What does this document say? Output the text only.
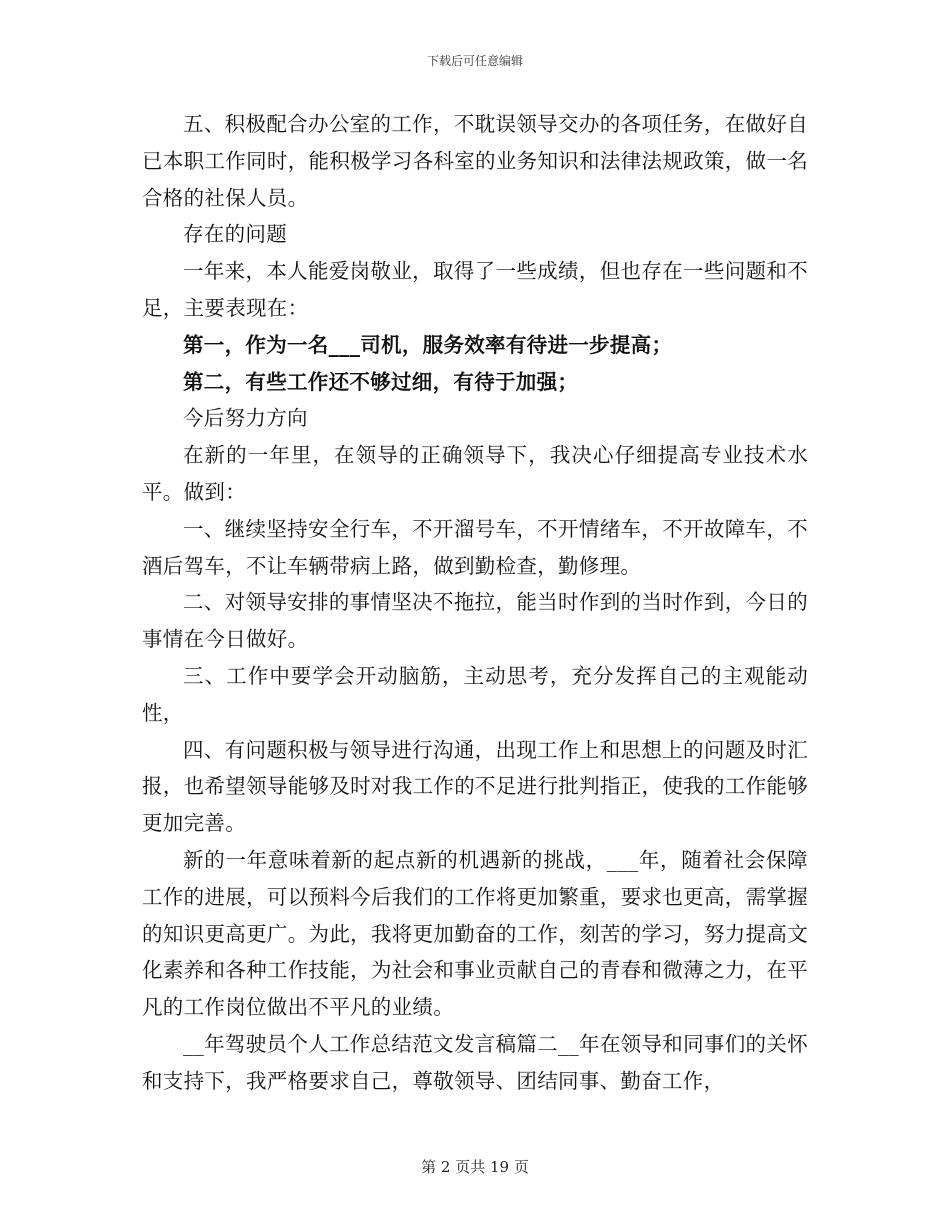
下载后可任意编辑

五、积极配合办公室的工作，不耽误领导交办的各项任务，在做好自已本职工作同时，能积极学习各科室的业务知识和法律法规政策，做一名合格的社保人员。

存在的问题

一年来，本人能爱岗敬业，取得了一些成绩，但也存在一些问题和不足，主要表现在：

第一，作为一名___司机，服务效率有待进一步提高；

第二，有些工作还不够过细，有待于加强；

今后努力方向

在新的一年里，在领导的正确领导下，我决心仔细提高专业技术水平。做到：

一、继续坚持安全行车，不开溜号车，不开情绪车，不开故障车，不酒后驾车，不让车辆带病上路，做到勤检查，勤修理。

二、对领导安排的事情坚决不拖拉，能当时作到的当时作到，今日的事情在今日做好。

三、工作中要学会开动脑筋，主动思考，充分发挥自己的主观能动性，

四、有问题积极与领导进行沟通，出现工作上和思想上的问题及时汇报，也希望领导能够及时对我工作的不足进行批判指正，使我的工作能够更加完善。

新的一年意味着新的起点新的机遇新的挑战，___年，随着社会保障工作的进展，可以预料今后我们的工作将更加繁重，要求也更高，需掌握的知识更高更广。为此，我将更加勤奋的工作，刻苦的学习，努力提高文化素养和各种工作技能，为社会和事业贡献自己的青春和微薄之力，在平凡的工作岗位做出不平凡的业绩。

__年驾驶员个人工作总结范文发言稿篇二__年在领导和同事们的关怀和支持下，我严格要求自己，尊敬领导、团结同事、勤奋工作，

第 2 页共 19 页
